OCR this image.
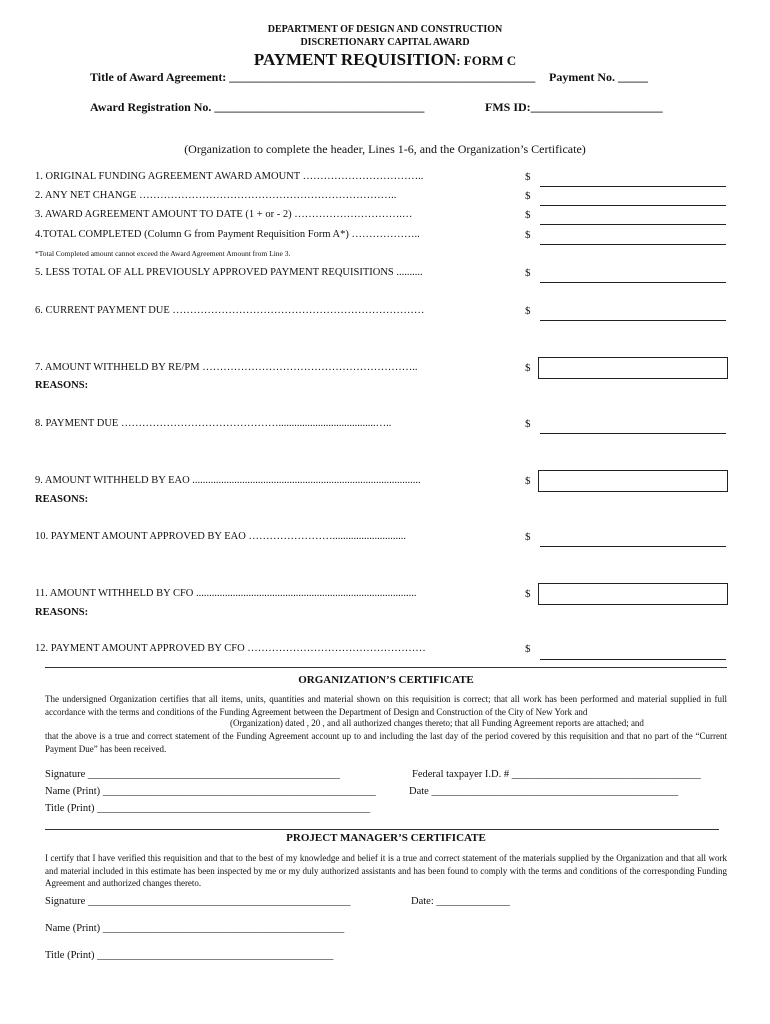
DEPARTMENT OF DESIGN AND CONSTRUCTION
DISCRETIONARY CAPITAL AWARD
PAYMENT REQUISITION: FORM C
Title of Award Agreement: ___________________________________________________ Payment No. _____
Award Registration No. ___________________________________	FMS ID:______________________
(Organization to complete the header, Lines 1-6, and the Organization’s Certificate)
1. ORIGINAL FUNDING AGREEMENT AWARD AMOUNT ……………………………..	$
2. ANY NET CHANGE ………………………………………………………………..	$
3. AWARD AGREEMENT AMOUNT TO DATE (1 + or - 2) ………………………….…	$
4.TOTAL COMPLETED (Column G from Payment Requisition Form A*) ………………..	$
*Total Completed amount cannot exceed the Award Agreement Amount from Line 3.
5. LESS TOTAL OF ALL PREVIOUSLY APPROVED PAYMENT REQUISITIONS ..........	$
6. CURRENT PAYMENT DUE ………………………………………………………………	$
7. AMOUNT WITHHELD BY RE/PM ……………………………………………………..	$
REASONS:
8. PAYMENT DUE ……………………………………….....................................…..	$
9. AMOUNT WITHHELD BY EAO .......................................................................................	$
REASONS:
10. PAYMENT AMOUNT APPROVED BY EAO ……………………............................	$
11. AMOUNT WITHHELD BY CFO ....................................................................................	$
REASONS:
12. PAYMENT AMOUNT APPROVED BY CFO ……………………………………………	$
ORGANIZATION’S CERTIFICATE
The undersigned Organization certifies that all items, units, quantities and material shown on this requisition is correct; that all work has been performed and material supplied in full accordance with the terms and conditions of the Funding Agreement between the Department of Design and Construction of the City of New York and
(Organization) dated , 20 , and all authorized changes thereto; that all Funding Agreement reports are attached; and
that the above is a true and correct statement of the Funding Agreement account up to and including the last day of the period covered by this requisition and that no part of the “Current Payment Due” has been received.
Signature ________________________________________________	Federal taxpayer I.D. # ____________________________________
Name (Print) ____________________________________________________	Date _______________________________________________
Title (Print) ____________________________________________________
PROJECT MANAGER’S CERTIFICATE
I certify that I have verified this requisition and that to the best of my knowledge and belief it is a true and correct statement of the materials supplied by the Organization and that all work and material included in this estimate has been inspected by me or my duly authorized assistants and has been found to comply with the terms and conditions of the corresponding Funding Agreement and authorized changes thereto.
Signature __________________________________________________	Date: ______________
Name (Print) ______________________________________________
Title (Print) _____________________________________________
